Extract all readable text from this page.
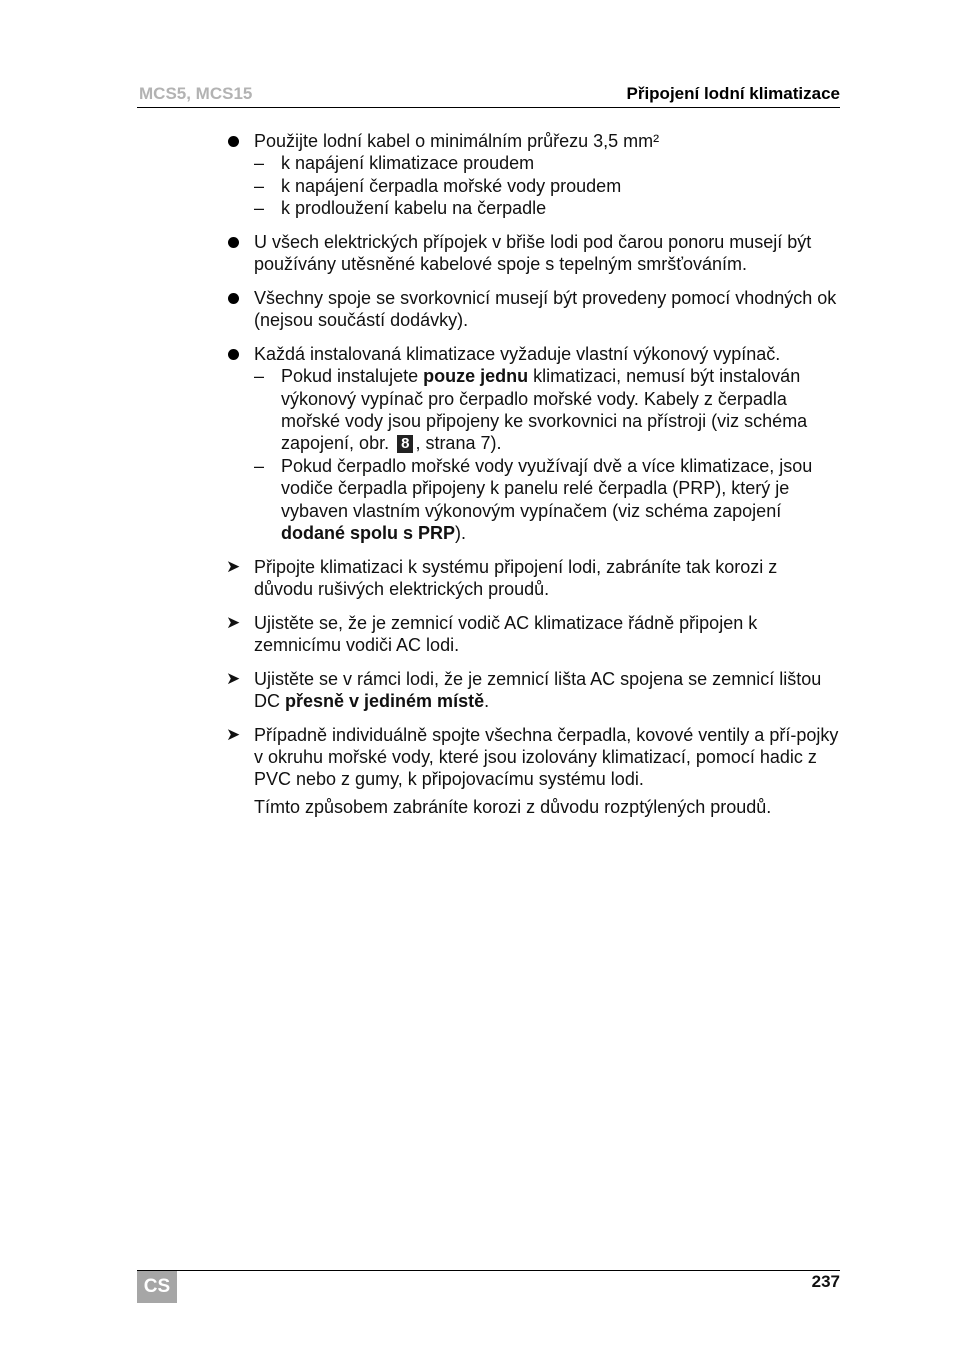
MCS5, MCS15	Připojení lodní klimatizace
Použijte lodní kabel o minimálním průřezu 3,5 mm²
– k napájení klimatizace proudem
– k napájení čerpadla mořské vody proudem
– k prodloužení kabelu na čerpadle
U všech elektrických přípojek v břiše lodi pod čarou ponoru musejí být používány utěsněné kabelové spoje s tepelným smršťováním.
Všechny spoje se svorkovnicí musejí být provedeny pomocí vhodných ok (nejsou součástí dodávky).
Každá instalovaná klimatizace vyžaduje vlastní výkonový vypínač.
– Pokud instalujete pouze jednu klimatizaci, nemusí být instalován výkonový vypínač pro čerpadlo mořské vody. Kabely z čerpadla mořské vody jsou připojeny ke svorkovnici na přístroji (viz schéma zapojení, obr. 8 , strana 7).
– Pokud čerpadlo mořské vody využívají dvě a více klimatizace, jsou vodiče čerpadla připojeny k panelu relé čerpadla (PRP), který je vybaven vlastním výkonovým vypínačem (viz schéma zapojení dodané spolu s PRP).
➤ Připojte klimatizaci k systému připojení lodi, zabráníte tak korozi z důvodu rušivých elektrických proudů.
➤ Ujistěte se, že je zemnicí vodič AC klimatizace řádně připojen k zemnicímu vodiči AC lodi.
➤ Ujistěte se v rámci lodi, že je zemnicí lišta AC spojena se zemnicí lištou DC přesně v jediném místě.
➤ Případně individuálně spojte všechna čerpadla, kovové ventily a pří-pojky v okruhu mořské vody, které jsou izolovány klimatizací, pomocí hadic z PVC nebo z gumy, k připojovacímu systému lodi.
Tímto způsobem zabráníte korozi z důvodu rozptýlených proudů.
CS	237
